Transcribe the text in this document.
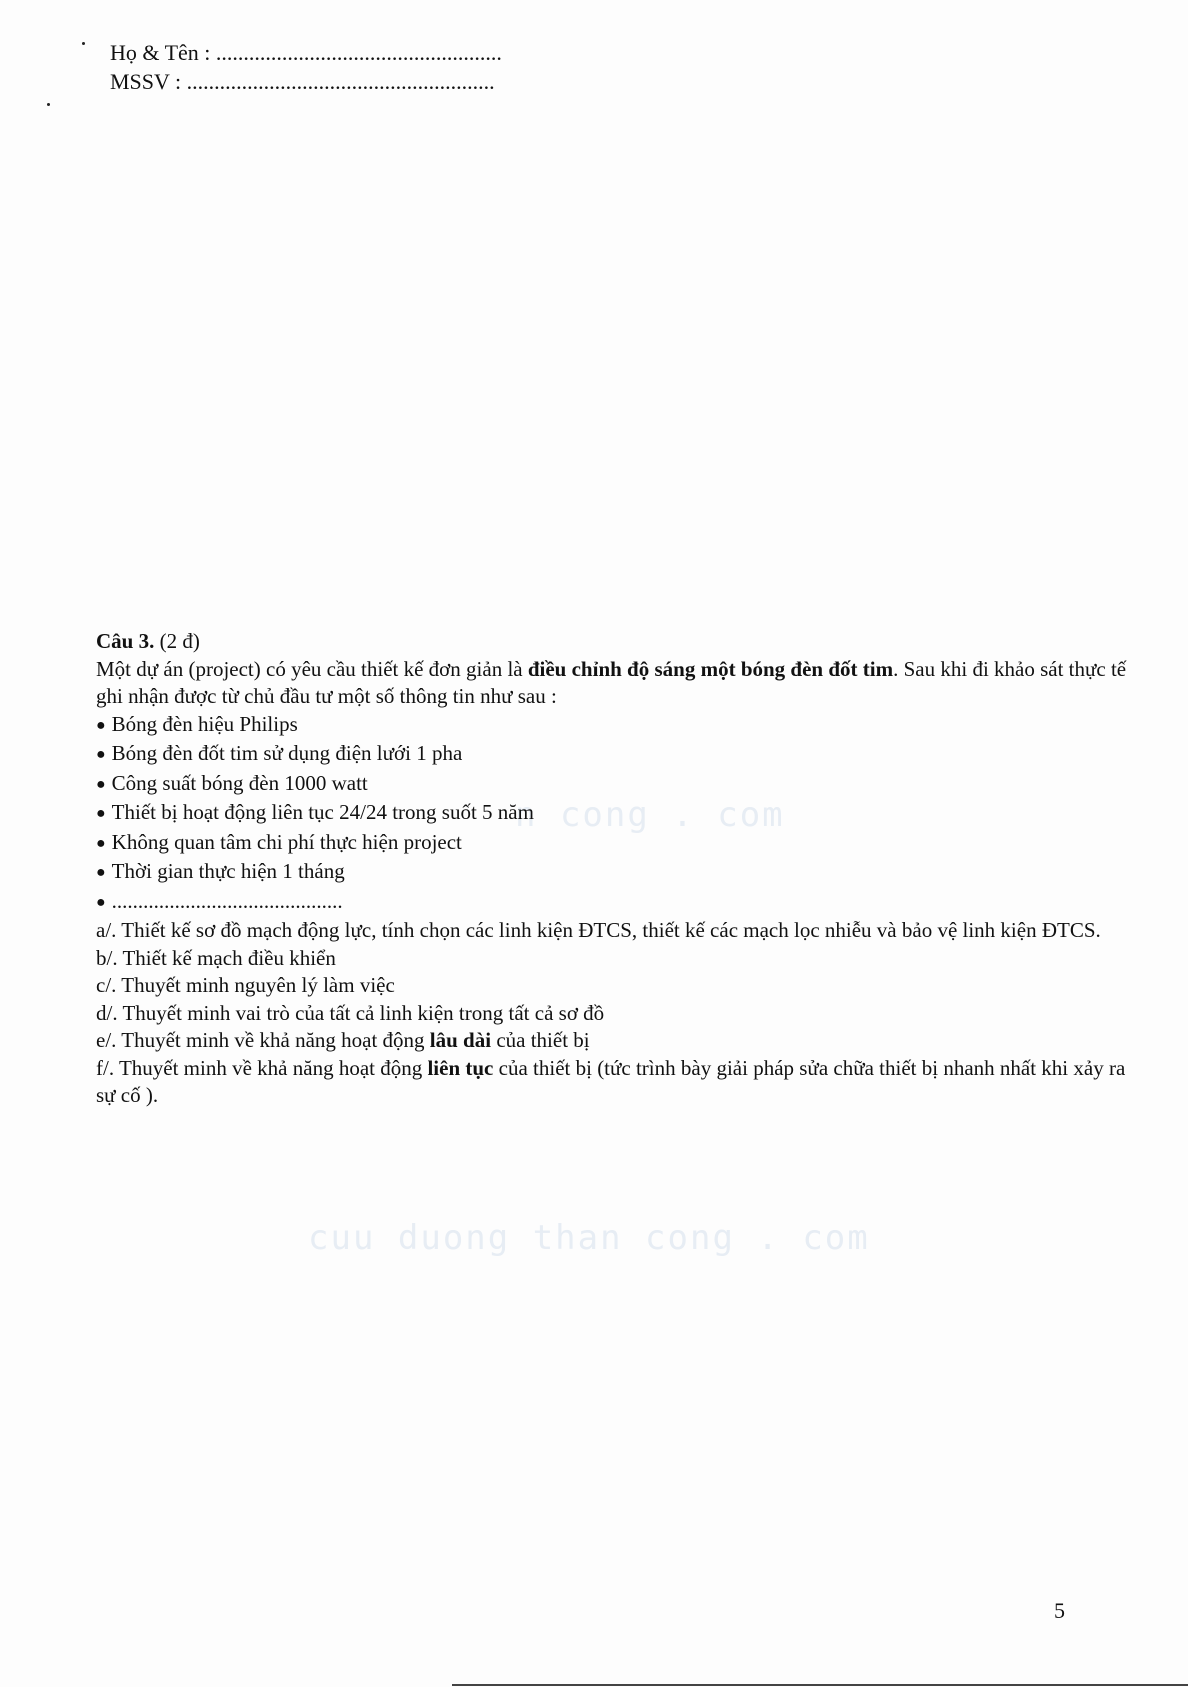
Họ & Tên : ....................................................
MSSV : ........................................................
n cong . com
cuu duong than cong . com

Câu 3. (2 đ)

Một dự án (project) có yêu cầu thiết kế đơn giản là điều chỉnh độ sáng một bóng đèn đốt tim. Sau khi đi khảo sát thực tế ghi nhận được từ chủ đầu tư một số thông tin như sau :

● Bóng đèn hiệu Philips
● Bóng đèn đốt tim sử dụng điện lưới 1 pha
● Công suất bóng đèn 1000 watt
● Thiết bị hoạt động liên tục 24/24 trong suốt 5 năm
● Không quan tâm chi phí thực hiện project
● Thời gian thực hiện 1 tháng
● ............................................
a/. Thiết kế sơ đồ mạch động lực, tính chọn các linh kiện ĐTCS, thiết kế các mạch lọc nhiễu và bảo vệ linh kiện ĐTCS.
b/. Thiết kế mạch điều khiển
c/. Thuyết minh nguyên lý làm việc
d/. Thuyết minh vai trò của tất cả linh kiện trong tất cả sơ đồ
e/. Thuyết minh về khả năng hoạt động lâu dài của thiết bị
f/. Thuyết minh về khả năng hoạt động liên tục của thiết bị (tức trình bày giải pháp sửa chữa thiết bị nhanh nhất khi xảy ra sự cố ).
5
